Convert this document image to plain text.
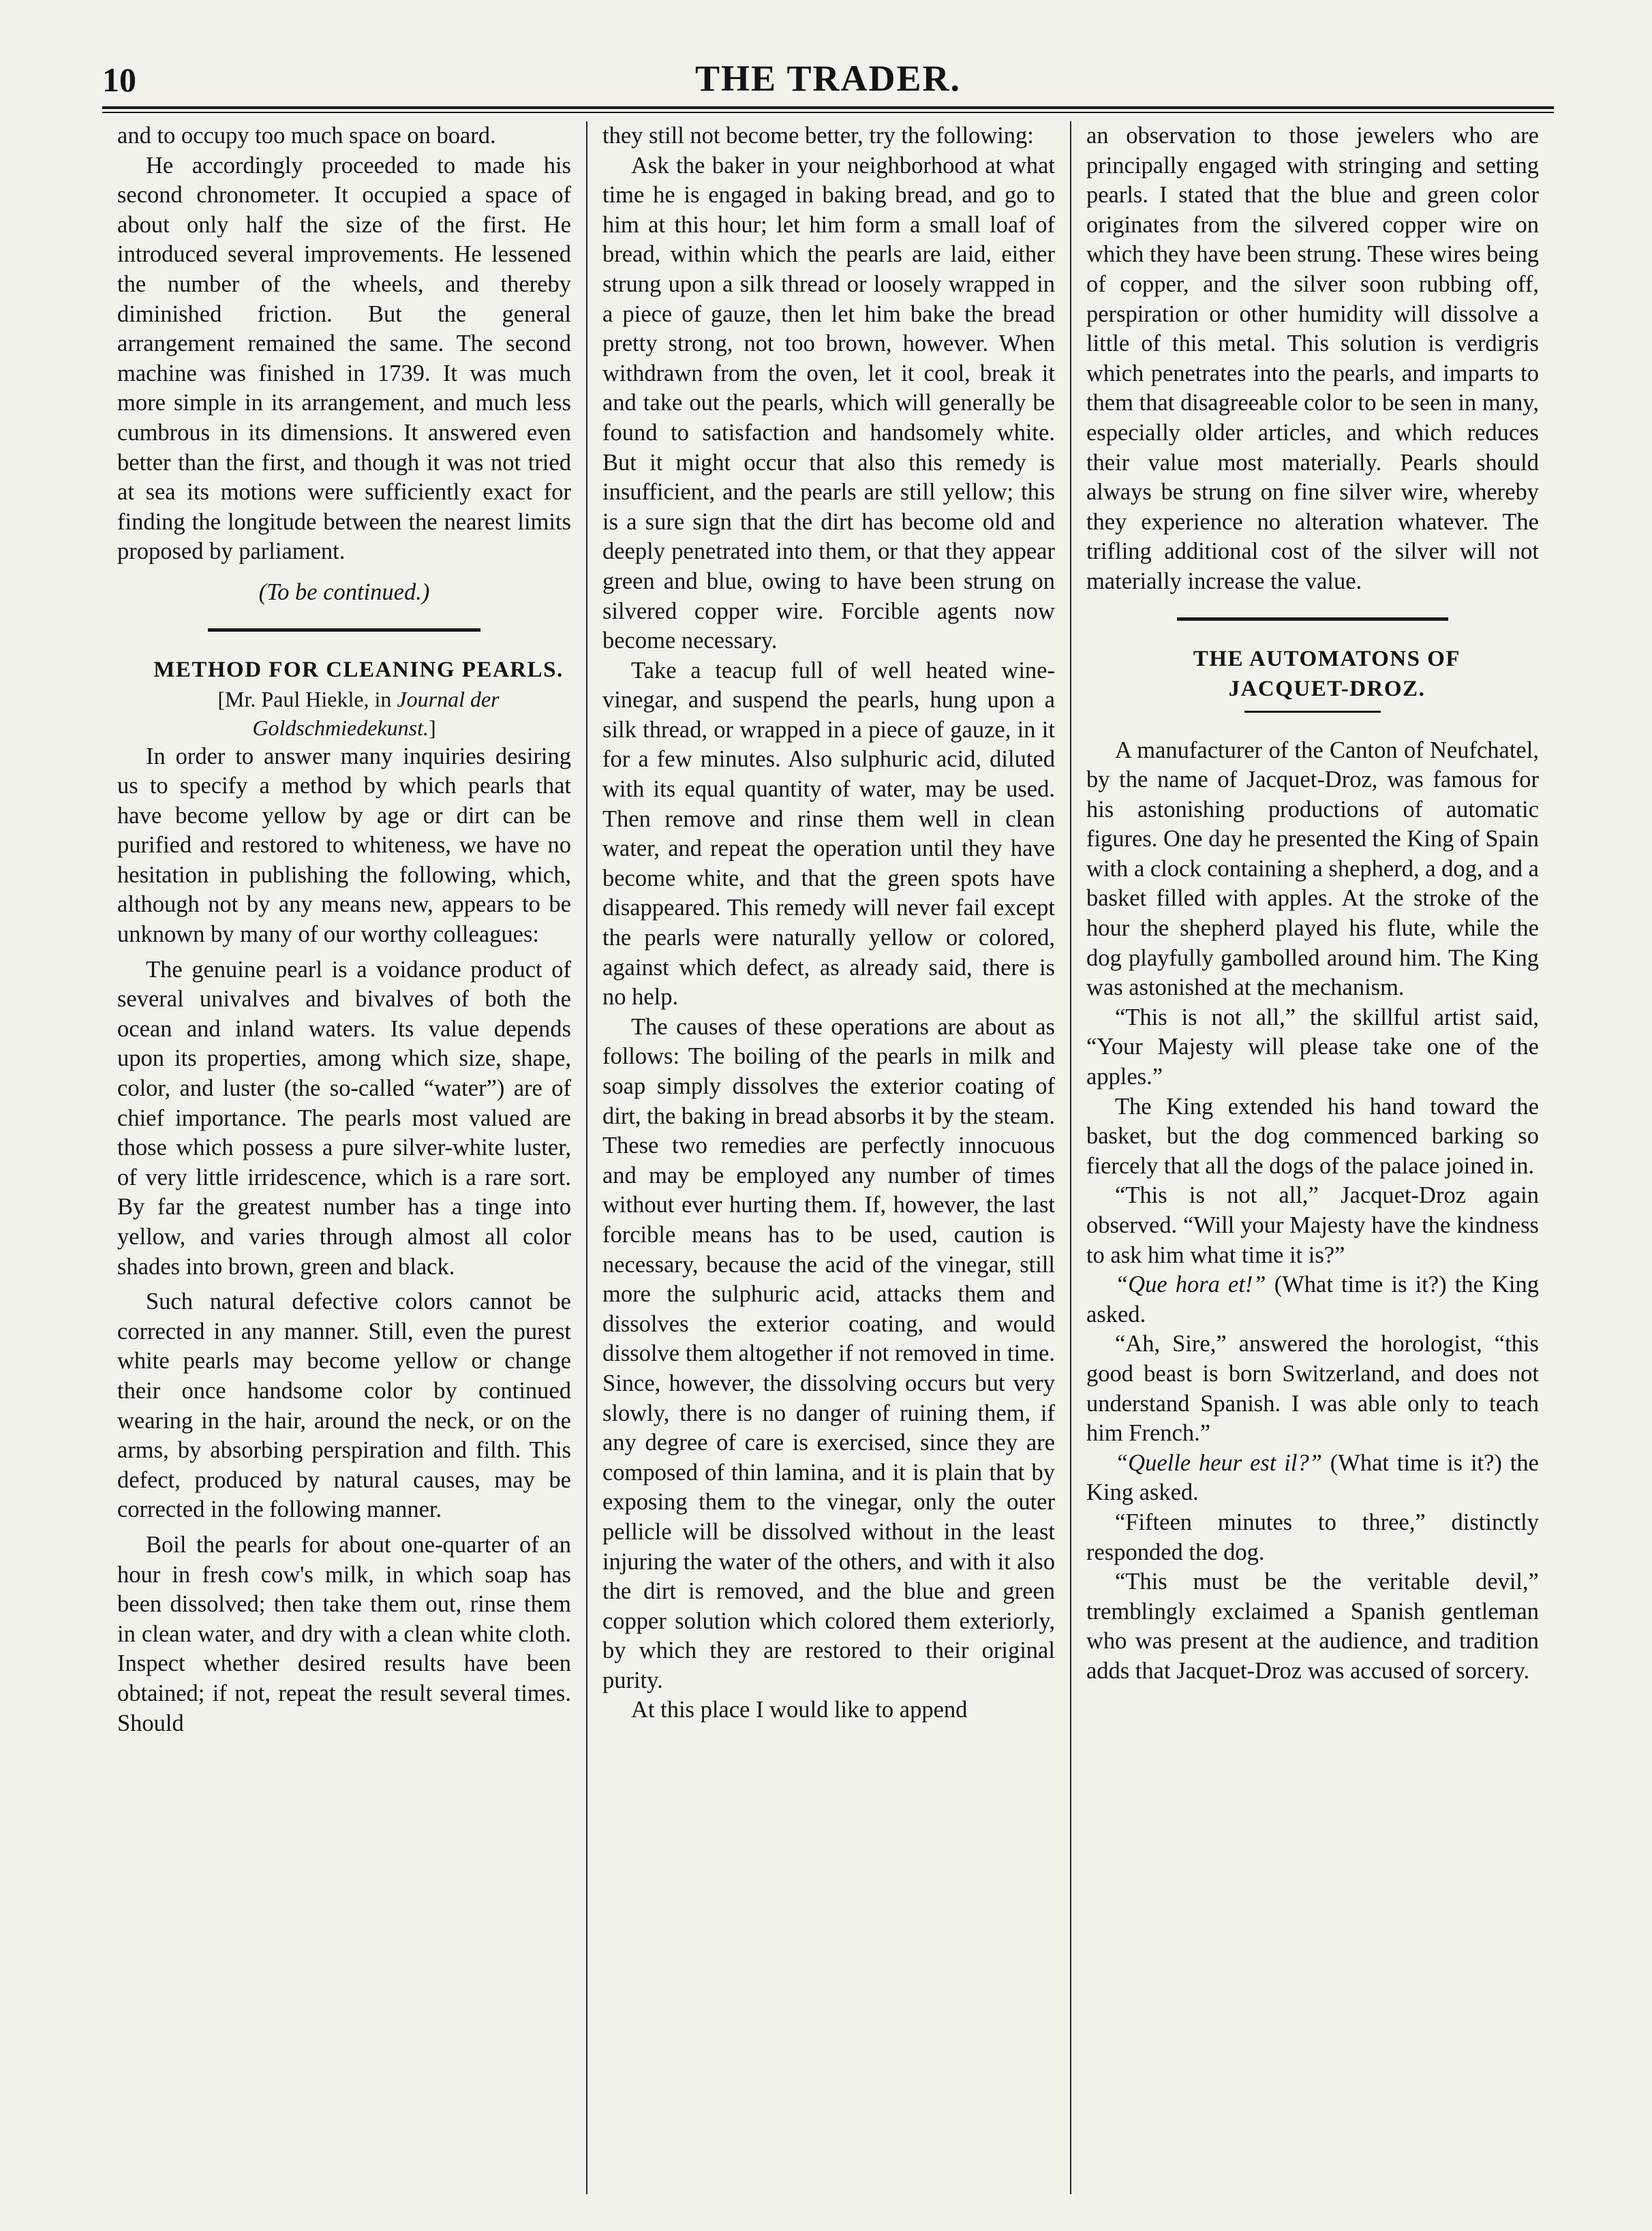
10	THE TRADER.

and to occupy too much space on board.

He accordingly proceeded to made his second chronometer. It occupied a space of about only half the size of the first. He introduced several improvements. He lessened the number of the wheels, and thereby diminished friction. But the general arrangement remained the same. The second machine was finished in 1739. It was much more simple in its arrangement, and much less cumbrous in its dimensions. It answered even better than the first, and though it was not tried at sea its motions were sufficiently exact for finding the longitude between the nearest limits proposed by parliament.

(To be continued.)

METHOD FOR CLEANING PEARLS.

[Mr. Paul Hiekle, in Journal der Goldschmiedekunst.]

In order to answer many inquiries desiring us to specify a method by which pearls that have become yellow by age or dirt can be purified and restored to whiteness, we have no hesitation in publishing the following, which, although not by any means new, appears to be unknown by many of our worthy colleagues:

The genuine pearl is a voidance product of several univalves and bivalves of both the ocean and inland waters. Its value depends upon its properties, among which size, shape, color, and luster (the so-called “water”) are of chief importance. The pearls most valued are those which possess a pure silver-white luster, of very little irridescence, which is a rare sort. By far the greatest number has a tinge into yellow, and varies through almost all color shades into brown, green and black.

Such natural defective colors cannot be corrected in any manner. Still, even the purest white pearls may become yellow or change their once handsome color by continued wearing in the hair, around the neck, or on the arms, by absorbing perspiration and filth. This defect, produced by natural causes, may be corrected in the following manner.

Boil the pearls for about one-quarter of an hour in fresh cow's milk, in which soap has been dissolved; then take them out, rinse them in clean water, and dry with a clean white cloth. Inspect whether desired results have been obtained; if not, repeat the result several times. Should

they still not become better, try the following:

Ask the baker in your neighborhood at what time he is engaged in baking bread, and go to him at this hour; let him form a small loaf of bread, within which the pearls are laid, either strung upon a silk thread or loosely wrapped in a piece of gauze, then let him bake the bread pretty strong, not too brown, however. When withdrawn from the oven, let it cool, break it and take out the pearls, which will generally be found to satisfaction and handsomely white. But it might occur that also this remedy is insufficient, and the pearls are still yellow; this is a sure sign that the dirt has become old and deeply penetrated into them, or that they appear green and blue, owing to have been strung on silvered copper wire. Forcible agents now become necessary.

Take a teacup full of well heated wine-vinegar, and suspend the pearls, hung upon a silk thread, or wrapped in a piece of gauze, in it for a few minutes. Also sulphuric acid, diluted with its equal quantity of water, may be used. Then remove and rinse them well in clean water, and repeat the operation until they have become white, and that the green spots have disappeared. This remedy will never fail except the pearls were naturally yellow or colored, against which defect, as already said, there is no help.

The causes of these operations are about as follows: The boiling of the pearls in milk and soap simply dissolves the exterior coating of dirt, the baking in bread absorbs it by the steam. These two remedies are perfectly innocuous and may be employed any number of times without ever hurting them. If, however, the last forcible means has to be used, caution is necessary, because the acid of the vinegar, still more the sulphuric acid, attacks them and dissolves the exterior coating, and would dissolve them altogether if not removed in time. Since, however, the dissolving occurs but very slowly, there is no danger of ruining them, if any degree of care is exercised, since they are composed of thin lamina, and it is plain that by exposing them to the vinegar, only the outer pellicle will be dissolved without in the least injuring the water of the others, and with it also the dirt is removed, and the blue and green copper solution which colored them exteriorly, by which they are restored to their original purity.

At this place I would like to append

an observation to those jewelers who are principally engaged with stringing and setting pearls. I stated that the blue and green color originates from the silvered copper wire on which they have been strung. These wires being of copper, and the silver soon rubbing off, perspiration or other humidity will dissolve a little of this metal. This solution is verdigris which penetrates into the pearls, and imparts to them that disagreeable color to be seen in many, especially older articles, and which reduces their value most materially. Pearls should always be strung on fine silver wire, whereby they experience no alteration whatever. The trifling additional cost of the silver will not materially increase the value.

THE AUTOMATONS OF

JACQUET-DROZ.

A manufacturer of the Canton of Neufchatel, by the name of Jacquet-Droz, was famous for his astonishing productions of automatic figures. One day he presented the King of Spain with a clock containing a shepherd, a dog, and a basket filled with apples. At the stroke of the hour the shepherd played his flute, while the dog playfully gambolled around him. The King was astonished at the mechanism.

“This is not all,” the skillful artist said, “Your Majesty will please take one of the apples.”

The King extended his hand toward the basket, but the dog commenced barking so fiercely that all the dogs of the palace joined in.

“This is not all,” Jacquet-Droz again observed. “Will your Majesty have the kindness to ask him what time it is?”

“Que hora et!” (What time is it?) the King asked.

“Ah, Sire,” answered the horologist, “this good beast is born Switzerland, and does not understand Spanish. I was able only to teach him French.”

“Quelle heur est il?” (What time is it?) the King asked.

“Fifteen minutes to three,” distinctly responded the dog.

“This must be the veritable devil,” tremblingly exclaimed a Spanish gentleman who was present at the audience, and tradition adds that Jacquet-Droz was accused of sorcery.
